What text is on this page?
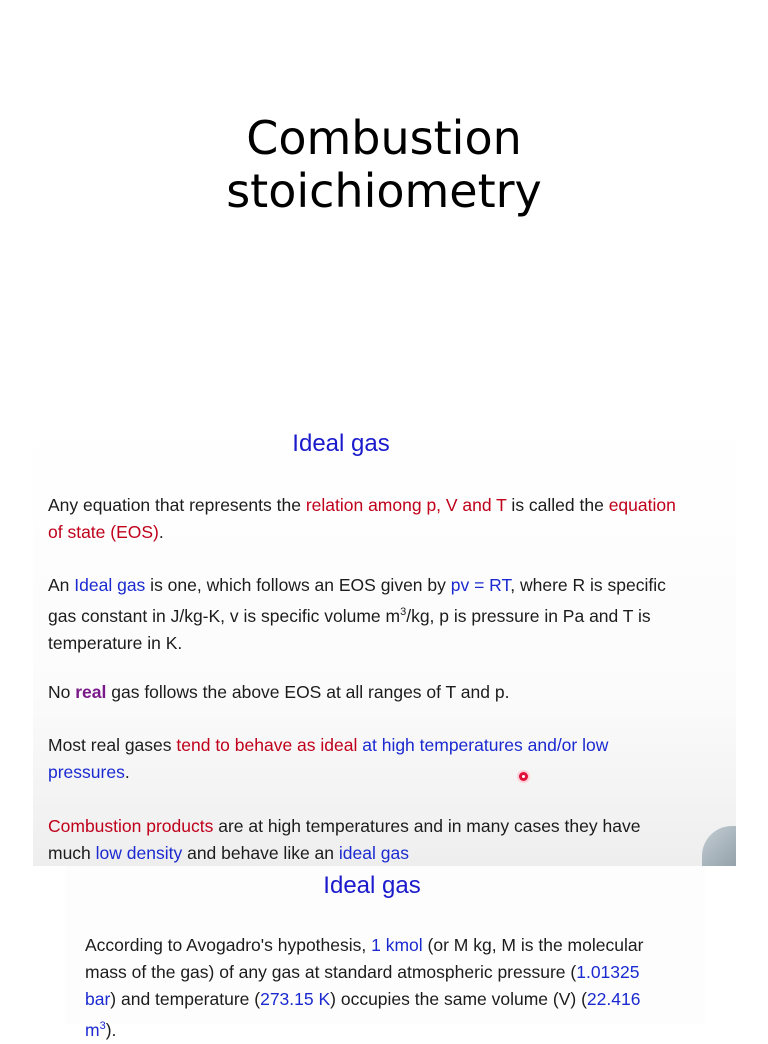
Combustion
stoichiometry
Ideal gas
Any equation that represents the relation among p, V and T is called the equation of state (EOS).
An Ideal gas is one, which follows an EOS given by pv = RT, where R is specific gas constant in J/kg-K, v is specific volume $m^3/kg$, p is pressure in Pa and T is temperature in K.
No real gas follows the above EOS at all ranges of T and p.
Most real gases tend to behave as ideal at high temperatures and/or low pressures.
Combustion products are at high temperatures and in many cases they have much low density and behave like an ideal gas
Ideal gas
According to Avogadro's hypothesis, 1 kmol (or M kg, M is the molecular mass of the gas) of any gas at standard atmospheric pressure (1.01325 bar) and temperature (273.15 K) occupies the same volume (V) (22.416 $m^3$).
